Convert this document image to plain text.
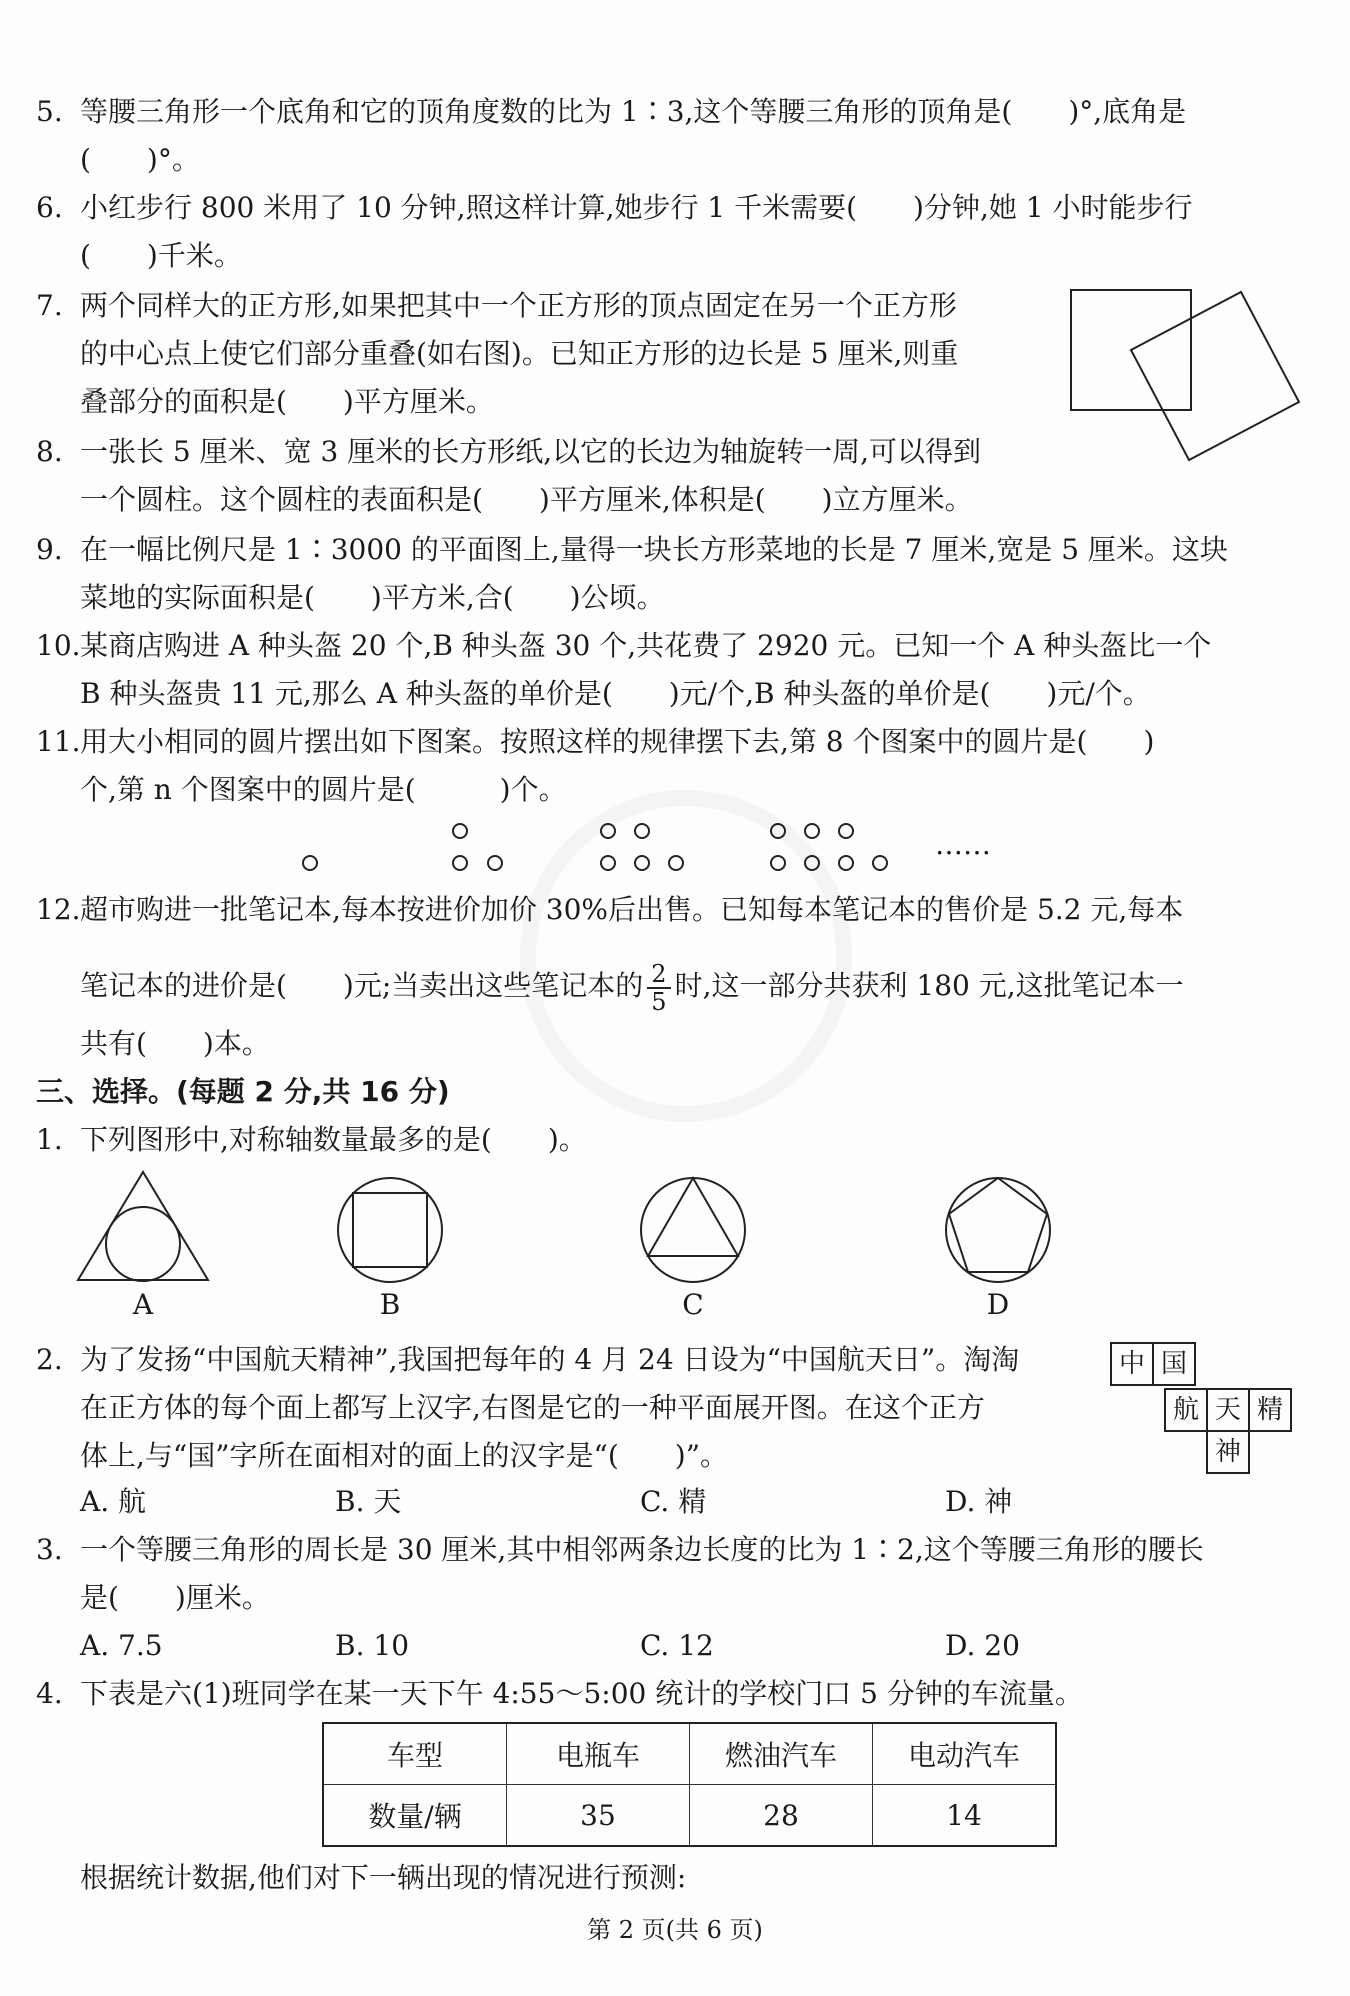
5. 等腰三角形一个底角和它的顶角度数的比为 1∶3,这个等腰三角形的顶角是(　　)°,底角是
(　　)°。
6. 小红步行 800 米用了 10 分钟,照这样计算,她步行 1 千米需要(　　)分钟,她 1 小时能步行
(　　)千米。
7. 两个同样大的正方形,如果把其中一个正方形的顶点固定在另一个正方形
的中心点上使它们部分重叠(如右图)。已知正方形的边长是 5 厘米,则重
叠部分的面积是(　　)平方厘米。
8. 一张长 5 厘米、宽 3 厘米的长方形纸,以它的长边为轴旋转一周,可以得到
一个圆柱。这个圆柱的表面积是(　　)平方厘米,体积是(　　)立方厘米。
9. 在一幅比例尺是 1∶3000 的平面图上,量得一块长方形菜地的长是 7 厘米,宽是 5 厘米。这块
菜地的实际面积是(　　)平方米,合(　　)公顷。
10.某商店购进 A 种头盔 20 个,B 种头盔 30 个,共花费了 2920 元。已知一个 A 种头盔比一个
B 种头盔贵 11 元,那么 A 种头盔的单价是(　　)元/个,B 种头盔的单价是(　　)元/个。
11.用大小相同的圆片摆出如下图案。按照这样的规律摆下去,第 8 个图案中的圆片是(　　)
个,第 n 个图案中的圆片是(　　　)个。
……
12.超市购进一批笔记本,每本按进价加价 30%后出售。已知每本笔记本的售价是 5.2 元,每本
笔记本的进价是(　　)元;当卖出这些笔记本的 $\frac{2}{5}$ 时,这一部分共获利 180 元,这批笔记本一
共有(　　)本。
三、选择。(每题 2 分,共 16 分)
1. 下列图形中,对称轴数量最多的是(　　)。
A	B	C	D
2. 为了发扬“中国航天精神”,我国把每年的 4 月 24 日设为“中国航天日”。淘淘
在正方体的每个面上都写上汉字,右图是它的一种平面展开图。在这个正方
体上,与“国”字所在面相对的面上的汉字是“(　　)”。
中 国
航 天 精
神
A. 航	B. 天	C. 精	D. 神
3. 一个等腰三角形的周长是 30 厘米,其中相邻两条边长度的比为 1∶2,这个等腰三角形的腰长
是(　　)厘米。
A. 7.5	B. 10	C. 12	D. 20
4. 下表是六(1)班同学在某一天下午 4:55～5:00 统计的学校门口 5 分钟的车流量。
车型	电瓶车	燃油汽车	电动汽车
数量/辆	35	28	14
根据统计数据,他们对下一辆出现的情况进行预测:
第 2 页(共 6 页)
